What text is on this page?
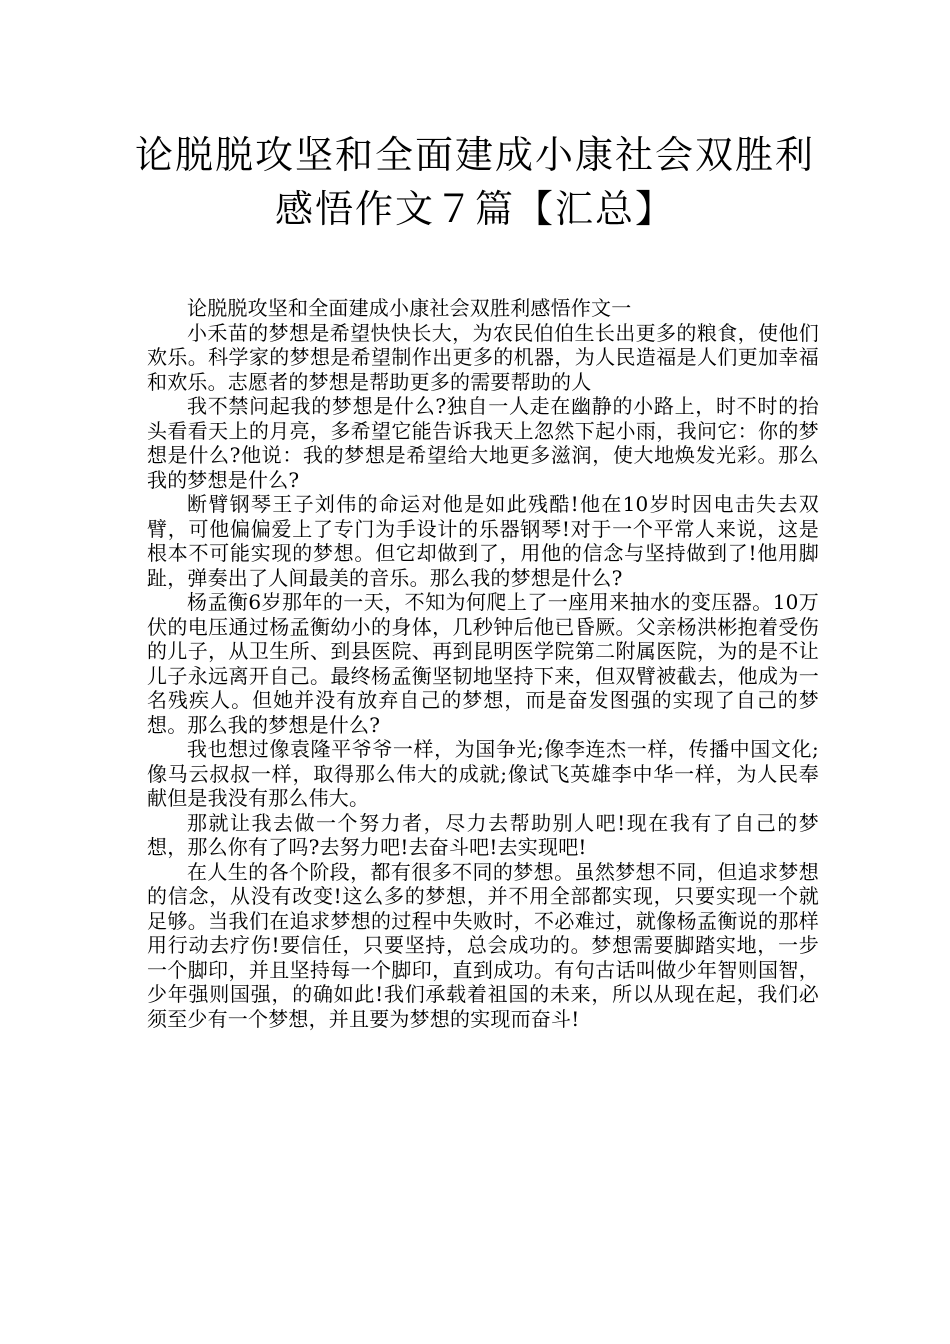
论脱脱攻坚和全面建成小康社会双胜利
感悟作文７篇【汇总】

论脱脱攻坚和全面建成小康社会双胜利感悟作文一

小禾苗的梦想是希望快快长大，为农民伯伯生长出更多的粮食，使他们欢乐。科学家的梦想是希望制作出更多的机器，为人民造福是人们更加幸福和欢乐。志愿者的梦想是帮助更多的需要帮助的人

我不禁问起我的梦想是什么?独自一人走在幽静的小路上，时不时的抬头看看天上的月亮，多希望它能告诉我天上忽然下起小雨，我问它：你的梦想是什么?他说：我的梦想是希望给大地更多滋润，使大地焕发光彩。那么我的梦想是什么?

断臂钢琴王子刘伟的命运对他是如此残酷!他在10岁时因电击失去双臂，可他偏偏爱上了专门为手设计的乐器钢琴!对于一个平常人来说，这是根本不可能实现的梦想。但它却做到了，用他的信念与坚持做到了!他用脚趾，弹奏出了人间最美的音乐。那么我的梦想是什么?

杨孟衡6岁那年的一天，不知为何爬上了一座用来抽水的变压器。10万伏的电压通过杨孟衡幼小的身体，几秒钟后他已昏厥。父亲杨洪彬抱着受伤的儿子，从卫生所、到县医院、再到昆明医学院第二附属医院，为的是不让儿子永远离开自己。最终杨孟衡坚韧地坚持下来，但双臂被截去，他成为一名残疾人。但她并没有放弃自己的梦想，而是奋发图强的实现了自己的梦想。那么我的梦想是什么?

我也想过像袁隆平爷爷一样，为国争光;像李连杰一样，传播中国文化;像马云叔叔一样，取得那么伟大的成就;像试飞英雄李中华一样，为人民奉献但是我没有那么伟大。

那就让我去做一个努力者，尽力去帮助别人吧!现在我有了自己的梦想，那么你有了吗?去努力吧!去奋斗吧!去实现吧!

在人生的各个阶段，都有很多不同的梦想。虽然梦想不同，但追求梦想的信念，从没有改变!这么多的梦想，并不用全部都实现，只要实现一个就足够。当我们在追求梦想的过程中失败时，不必难过，就像杨孟衡说的那样用行动去疗伤!要信任，只要坚持，总会成功的。梦想需要脚踏实地，一步一个脚印，并且坚持每一个脚印，直到成功。有句古话叫做少年智则国智，少年强则国强，的确如此!我们承载着祖国的未来，所以从现在起，我们必须至少有一个梦想，并且要为梦想的实现而奋斗!
